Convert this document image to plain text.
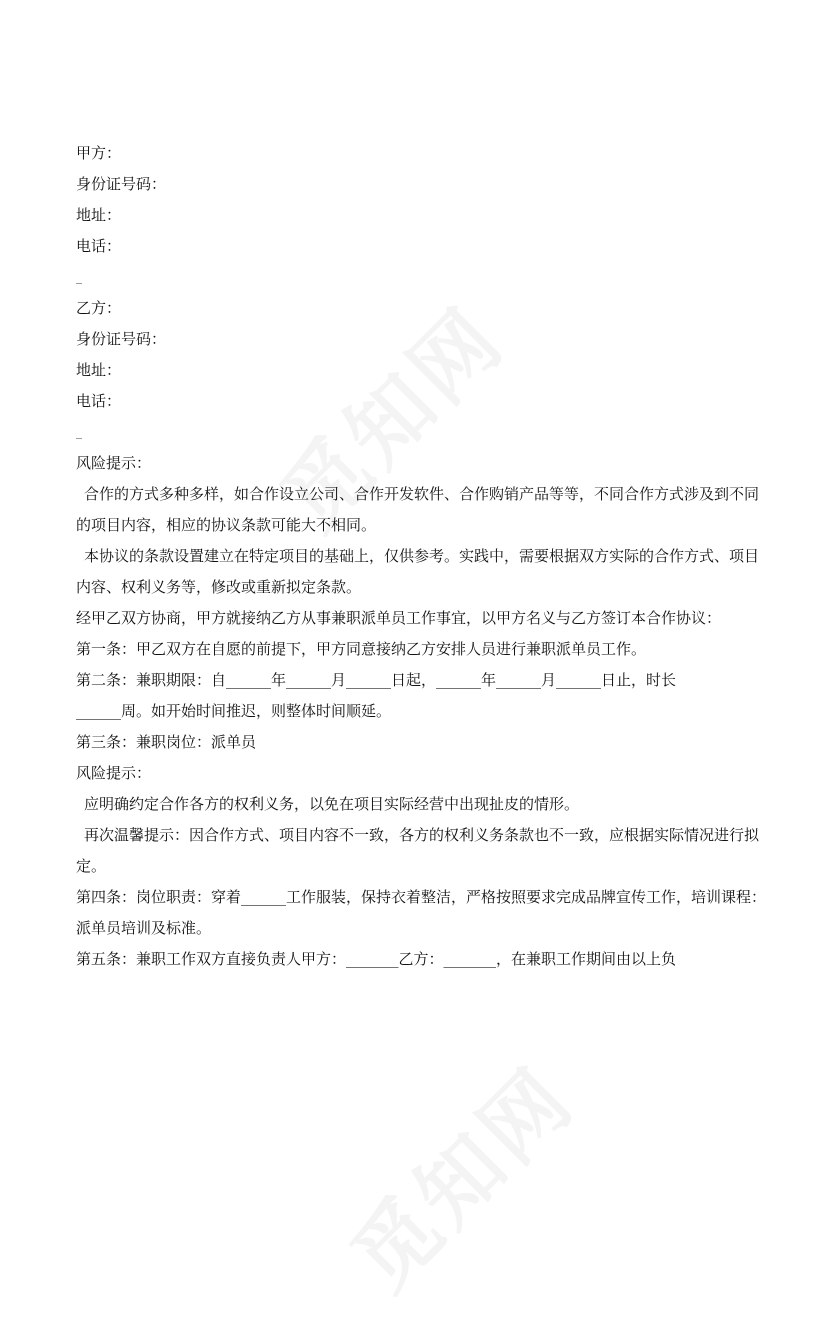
甲方：
身份证号码：
地址：
电话：
_
乙方：
身份证号码：
地址：
电话：
_
风险提示：
合作的方式多种多样，如合作设立公司、合作开发软件、合作购销产品等等，不同合作方式涉及到不同的项目内容，相应的协议条款可能大不相同。
本协议的条款设置建立在特定项目的基础上，仅供参考。实践中，需要根据双方实际的合作方式、项目内容、权利义务等，修改或重新拟定条款。
经甲乙双方协商，甲方就接纳乙方从事兼职派单员工作事宜，以甲方名义与乙方签订本合作协议：
第一条：甲乙双方在自愿的前提下，甲方同意接纳乙方安排人员进行兼职派单员工作。
第二条：兼职期限：自______年______月______日起，______年______月______日止，时长
______周。如开始时间推迟，则整体时间顺延。
第三条：兼职岗位：派单员
风险提示：
应明确约定合作各方的权利义务，以免在项目实际经营中出现扯皮的情形。
再次温馨提示：因合作方式、项目内容不一致，各方的权利义务条款也不一致，应根据实际情况进行拟定。
第四条：岗位职责：穿着______工作服装，保持衣着整洁，严格按照要求完成品牌宣传工作，培训课程：派单员培训及标准。
第五条：兼职工作双方直接负责人甲方：_______乙方：_______，在兼职工作期间由以上负
